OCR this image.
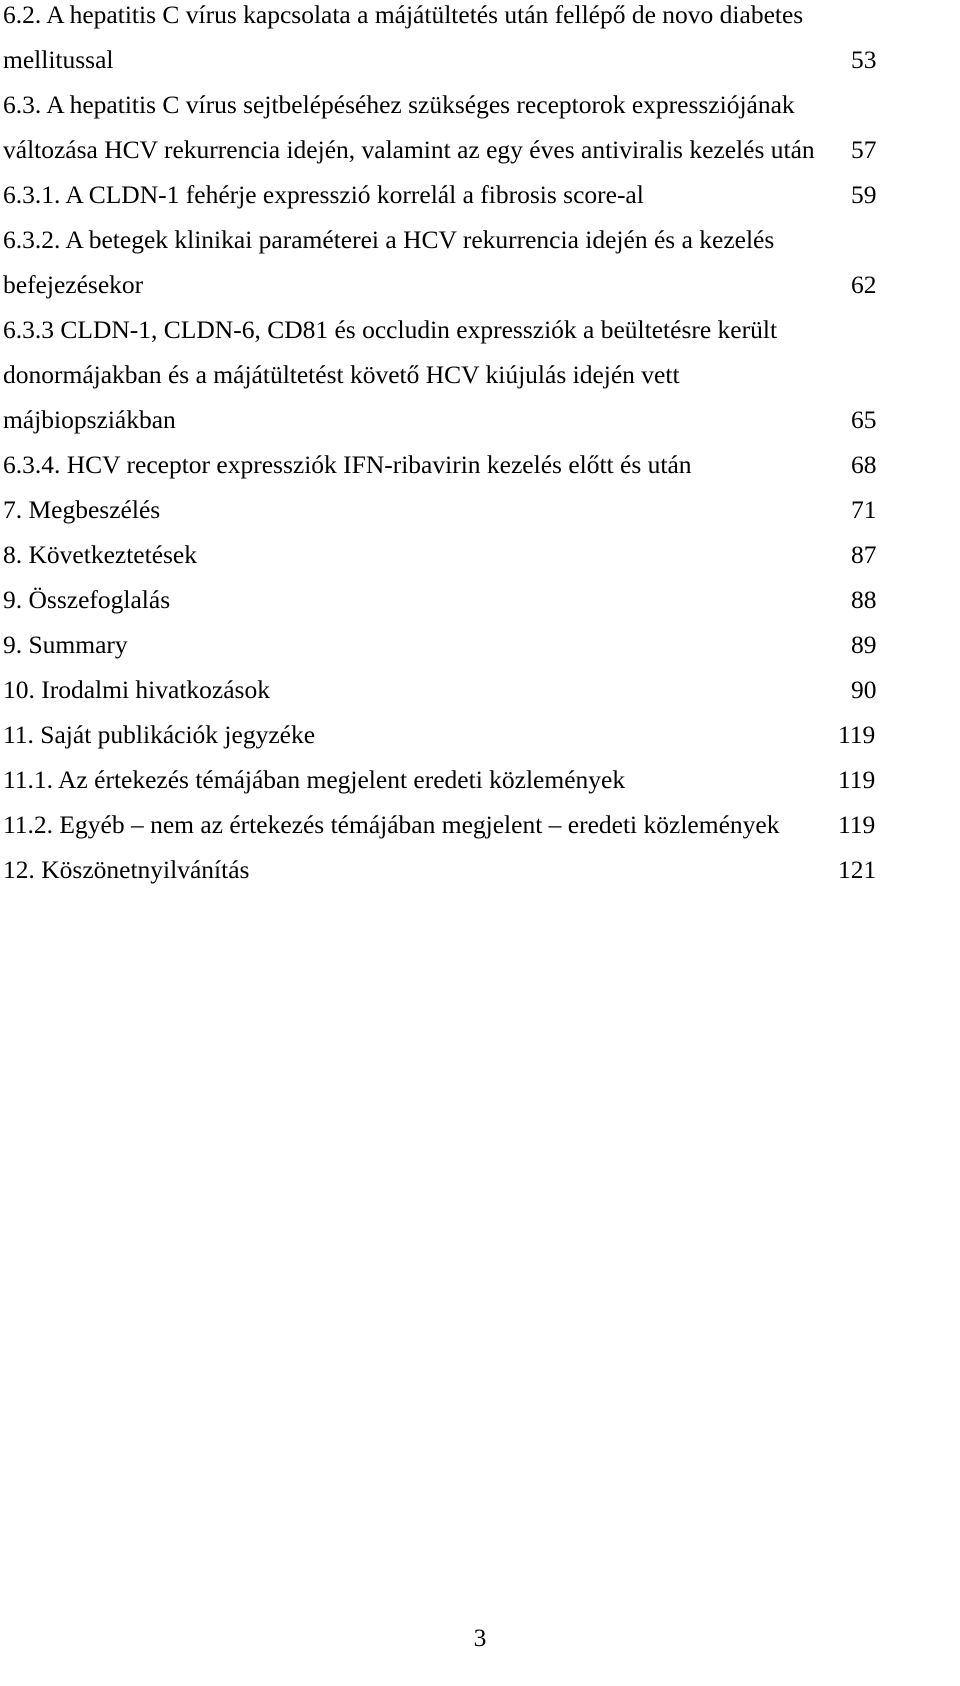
6.2. A hepatitis C vírus kapcsolata a májátültetés után fellépő de novo diabetes
mellitussal	53
6.3. A hepatitis C vírus sejtbelépéséhez szükséges receptorok expressziójának
változása HCV rekurrencia idején, valamint az egy éves antiviralis kezelés után 57
6.3.1. A CLDN-1 fehérje expresszió korrelál a fibrosis score-al	59
6.3.2. A betegek klinikai paraméterei a HCV rekurrencia idején és a kezelés
befejezésekor	62
6.3.3 CLDN-1, CLDN-6, CD81 és occludin expressziók a beültetésre került
donormájakban és a májátültetést követő HCV kiújulás idején vett
májbiopsziákban	65
6.3.4. HCV receptor expressziók IFN-ribavirin kezelés előtt és után	68
7. Megbeszélés	71
8. Következtetések	87
9. Összefoglalás	88
9. Summary	89
10. Irodalmi hivatkozások	90
11. Saját publikációk jegyzéke	119
11.1. Az értekezés témájában megjelent eredeti közlemények	119
11.2. Egyéb – nem az értekezés témájában megjelent – eredeti közlemények 119
12. Köszönetnyilvánítás	121
3
